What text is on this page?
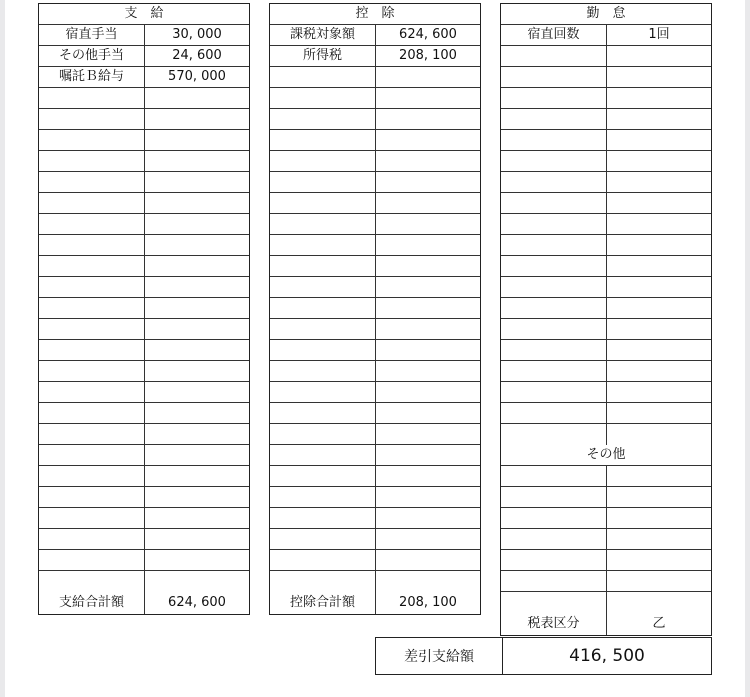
支　給
宿直手当	30, 000
その他手当	24, 600
嘱託Ｂ給与	570, 000
支給合計額	624, 600
控　除
課税対象額	624, 600
所得税	208, 100
控除合計額	208, 100
勤　怠
宿直回数	1回
その他
税表区分	乙
差引支給額	416, 500
